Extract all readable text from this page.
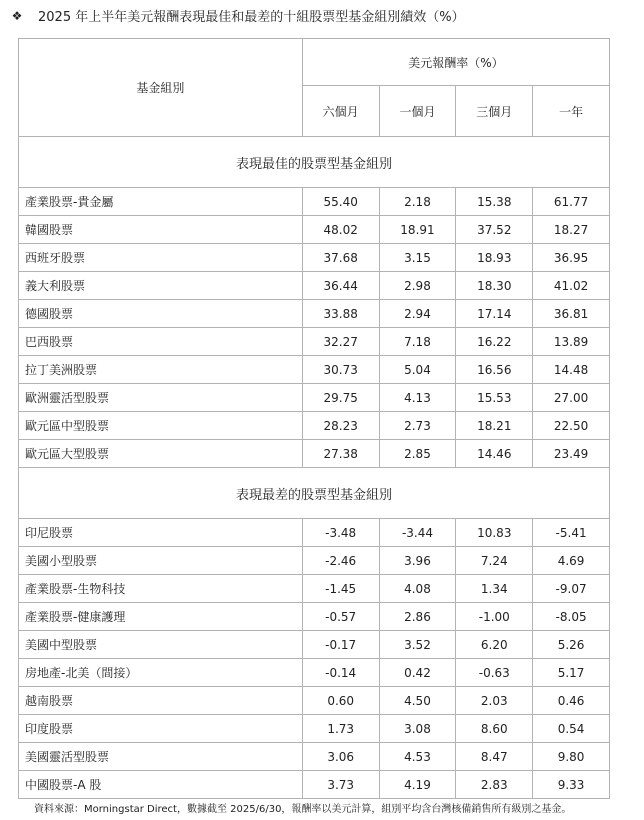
❖ 2025 年上半年美元報酬表現最佳和最差的十組股票型基金組別績效（%）
基金組別	美元報酬率（%）			
	六個月	一個月	三個月	一年
表現最佳的股票型基金組別				
產業股票-貴金屬	55.40	2.18	15.38	61.77
韓國股票	48.02	18.91	37.52	18.27
西班牙股票	37.68	3.15	18.93	36.95
義大利股票	36.44	2.98	18.30	41.02
德國股票	33.88	2.94	17.14	36.81
巴西股票	32.27	7.18	16.22	13.89
拉丁美洲股票	30.73	5.04	16.56	14.48
歐洲靈活型股票	29.75	4.13	15.53	27.00
歐元區中型股票	28.23	2.73	18.21	22.50
歐元區大型股票	27.38	2.85	14.46	23.49
表現最差的股票型基金組別				
印尼股票	-3.48	-3.44	10.83	-5.41
美國小型股票	-2.46	3.96	7.24	4.69
產業股票-生物科技	-1.45	4.08	1.34	-9.07
產業股票-健康護理	-0.57	2.86	-1.00	-8.05
美國中型股票	-0.17	3.52	6.20	5.26
房地產-北美（間接）	-0.14	0.42	-0.63	5.17
越南股票	0.60	4.50	2.03	0.46
印度股票	1.73	3.08	8.60	0.54
美國靈活型股票	3.06	4.53	8.47	9.80
中國股票-A 股	3.73	4.19	2.83	9.33
資料來源：Morningstar Direct，數據截至 2025/6/30，報酬率以美元計算，組別平均含台灣核備銷售所有級別之基金。
